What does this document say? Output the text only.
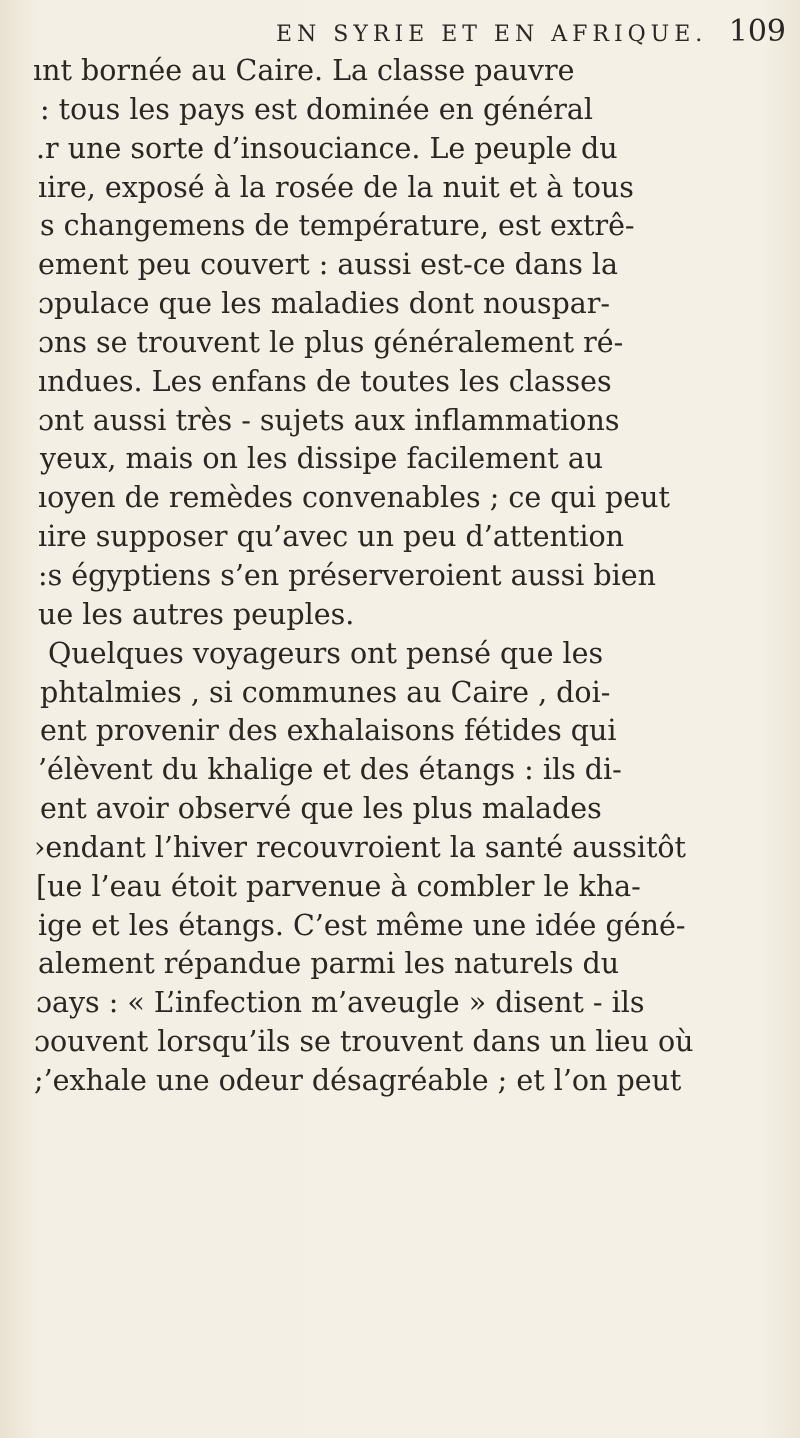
EN SYRIE ET EN AFRIQUE. 109
ınt bornée au Caire. La classe pauvre
: tous les pays est dominée en général
.r une sorte d’insouciance. Le peuple du
ıire, exposé à la rosée de la nuit et à tous
s changemens de température, est extrê-
ement peu couvert : aussi est-ce dans la
ɔpulace que les maladies dont nouspar-
ɔns se trouvent le plus généralement ré-
ındues. Les enfans de toutes les classes
ɔnt aussi très - sujets aux inflammations
yeux, mais on les dissipe facilement au
ıoyen de remèdes convenables ; ce qui peut
ıire supposer qu’avec un peu d’attention
:s égyptiens s’en préserveroient aussi bien
ue les autres peuples.
Quelques voyageurs ont pensé que les
phtalmies , si communes au Caire , doi-
ent provenir des exhalaisons fétides qui
’élèvent du khalige et des étangs : ils di-
ent avoir observé que les plus malades
›endant l’hiver recouvroient la santé aussitôt
[ue l’eau étoit parvenue à combler le kha-
ige et les étangs. C’est même une idée géné-
alement répandue parmi les naturels du
ɔays : « L’infection m’aveugle » disent - ils
ɔouvent lorsqu’ils se trouvent dans un lieu où
;’exhale une odeur désagréable ; et l’on peut
